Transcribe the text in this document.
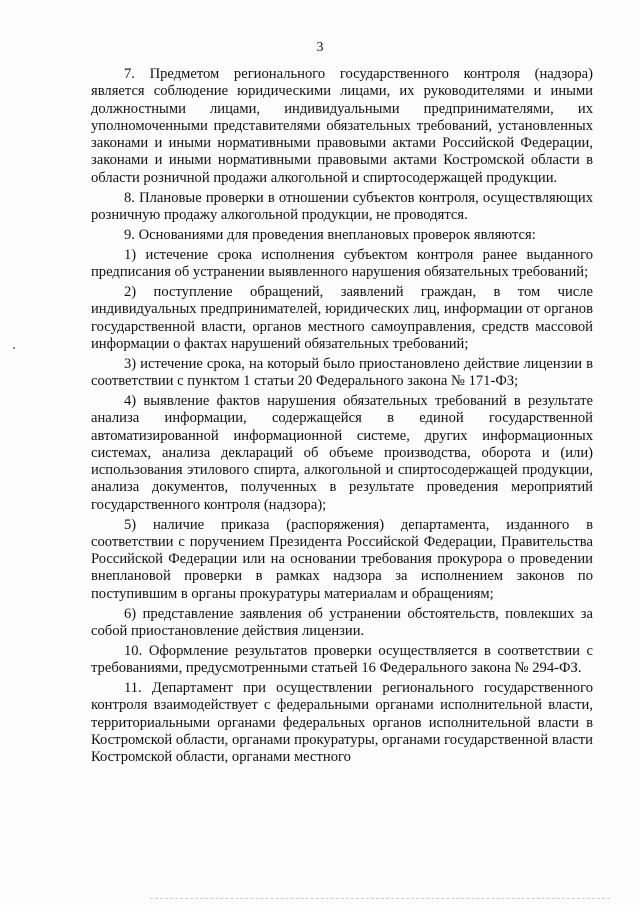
3

7. Предметом регионального государственного контроля (надзора) является соблюдение юридическими лицами, их руководителями и иными должностными лицами, индивидуальными предпринимателями, их уполномоченными представителями обязательных требований, установленных законами и иными нормативными правовыми актами Российской Федерации, законами и иными нормативными правовыми актами Костромской области в области розничной продажи алкогольной и спиртосодержащей продукции.

8. Плановые проверки в отношении субъектов контроля, осуществляющих розничную продажу алкогольной продукции, не проводятся.

9. Основаниями для проведения внеплановых проверок являются:

1) истечение срока исполнения субъектом контроля ранее выданного предписания об устранении выявленного нарушения обязательных требований;

2) поступление обращений, заявлений граждан, в том числе индивидуальных предпринимателей, юридических лиц, информации от органов государственной власти, органов местного самоуправления, средств массовой информации о фактах нарушений обязательных требований;

3) истечение срока, на который было приостановлено действие лицензии в соответствии с пунктом 1 статьи 20 Федерального закона № 171-ФЗ;

4) выявление фактов нарушения обязательных требований в результате анализа информации, содержащейся в единой государственной автоматизированной информационной системе, других информационных системах, анализа деклараций об объеме производства, оборота и (или) использования этилового спирта, алкогольной и спиртосодержащей продукции, анализа документов, полученных в результате проведения мероприятий государственного контроля (надзора);

5) наличие приказа (распоряжения) департамента, изданного в соответствии с поручением Президента Российской Федерации, Правительства Российской Федерации или на основании требования прокурора о проведении внеплановой проверки в рамках надзора за исполнением законов по поступившим в органы прокуратуры материалам и обращениям;

6) представление заявления об устранении обстоятельств, повлекших за собой приостановление действия лицензии.

10. Оформление результатов проверки осуществляется в соответствии с требованиями, предусмотренными статьей 16 Федерального закона № 294-ФЗ.

11. Департамент при осуществлении регионального государственного контроля взаимодействует с федеральными органами исполнительной власти, территориальными органами федеральных органов исполнительной власти в Костромской области, органами прокуратуры, органами государственной власти Костромской области, органами местного
